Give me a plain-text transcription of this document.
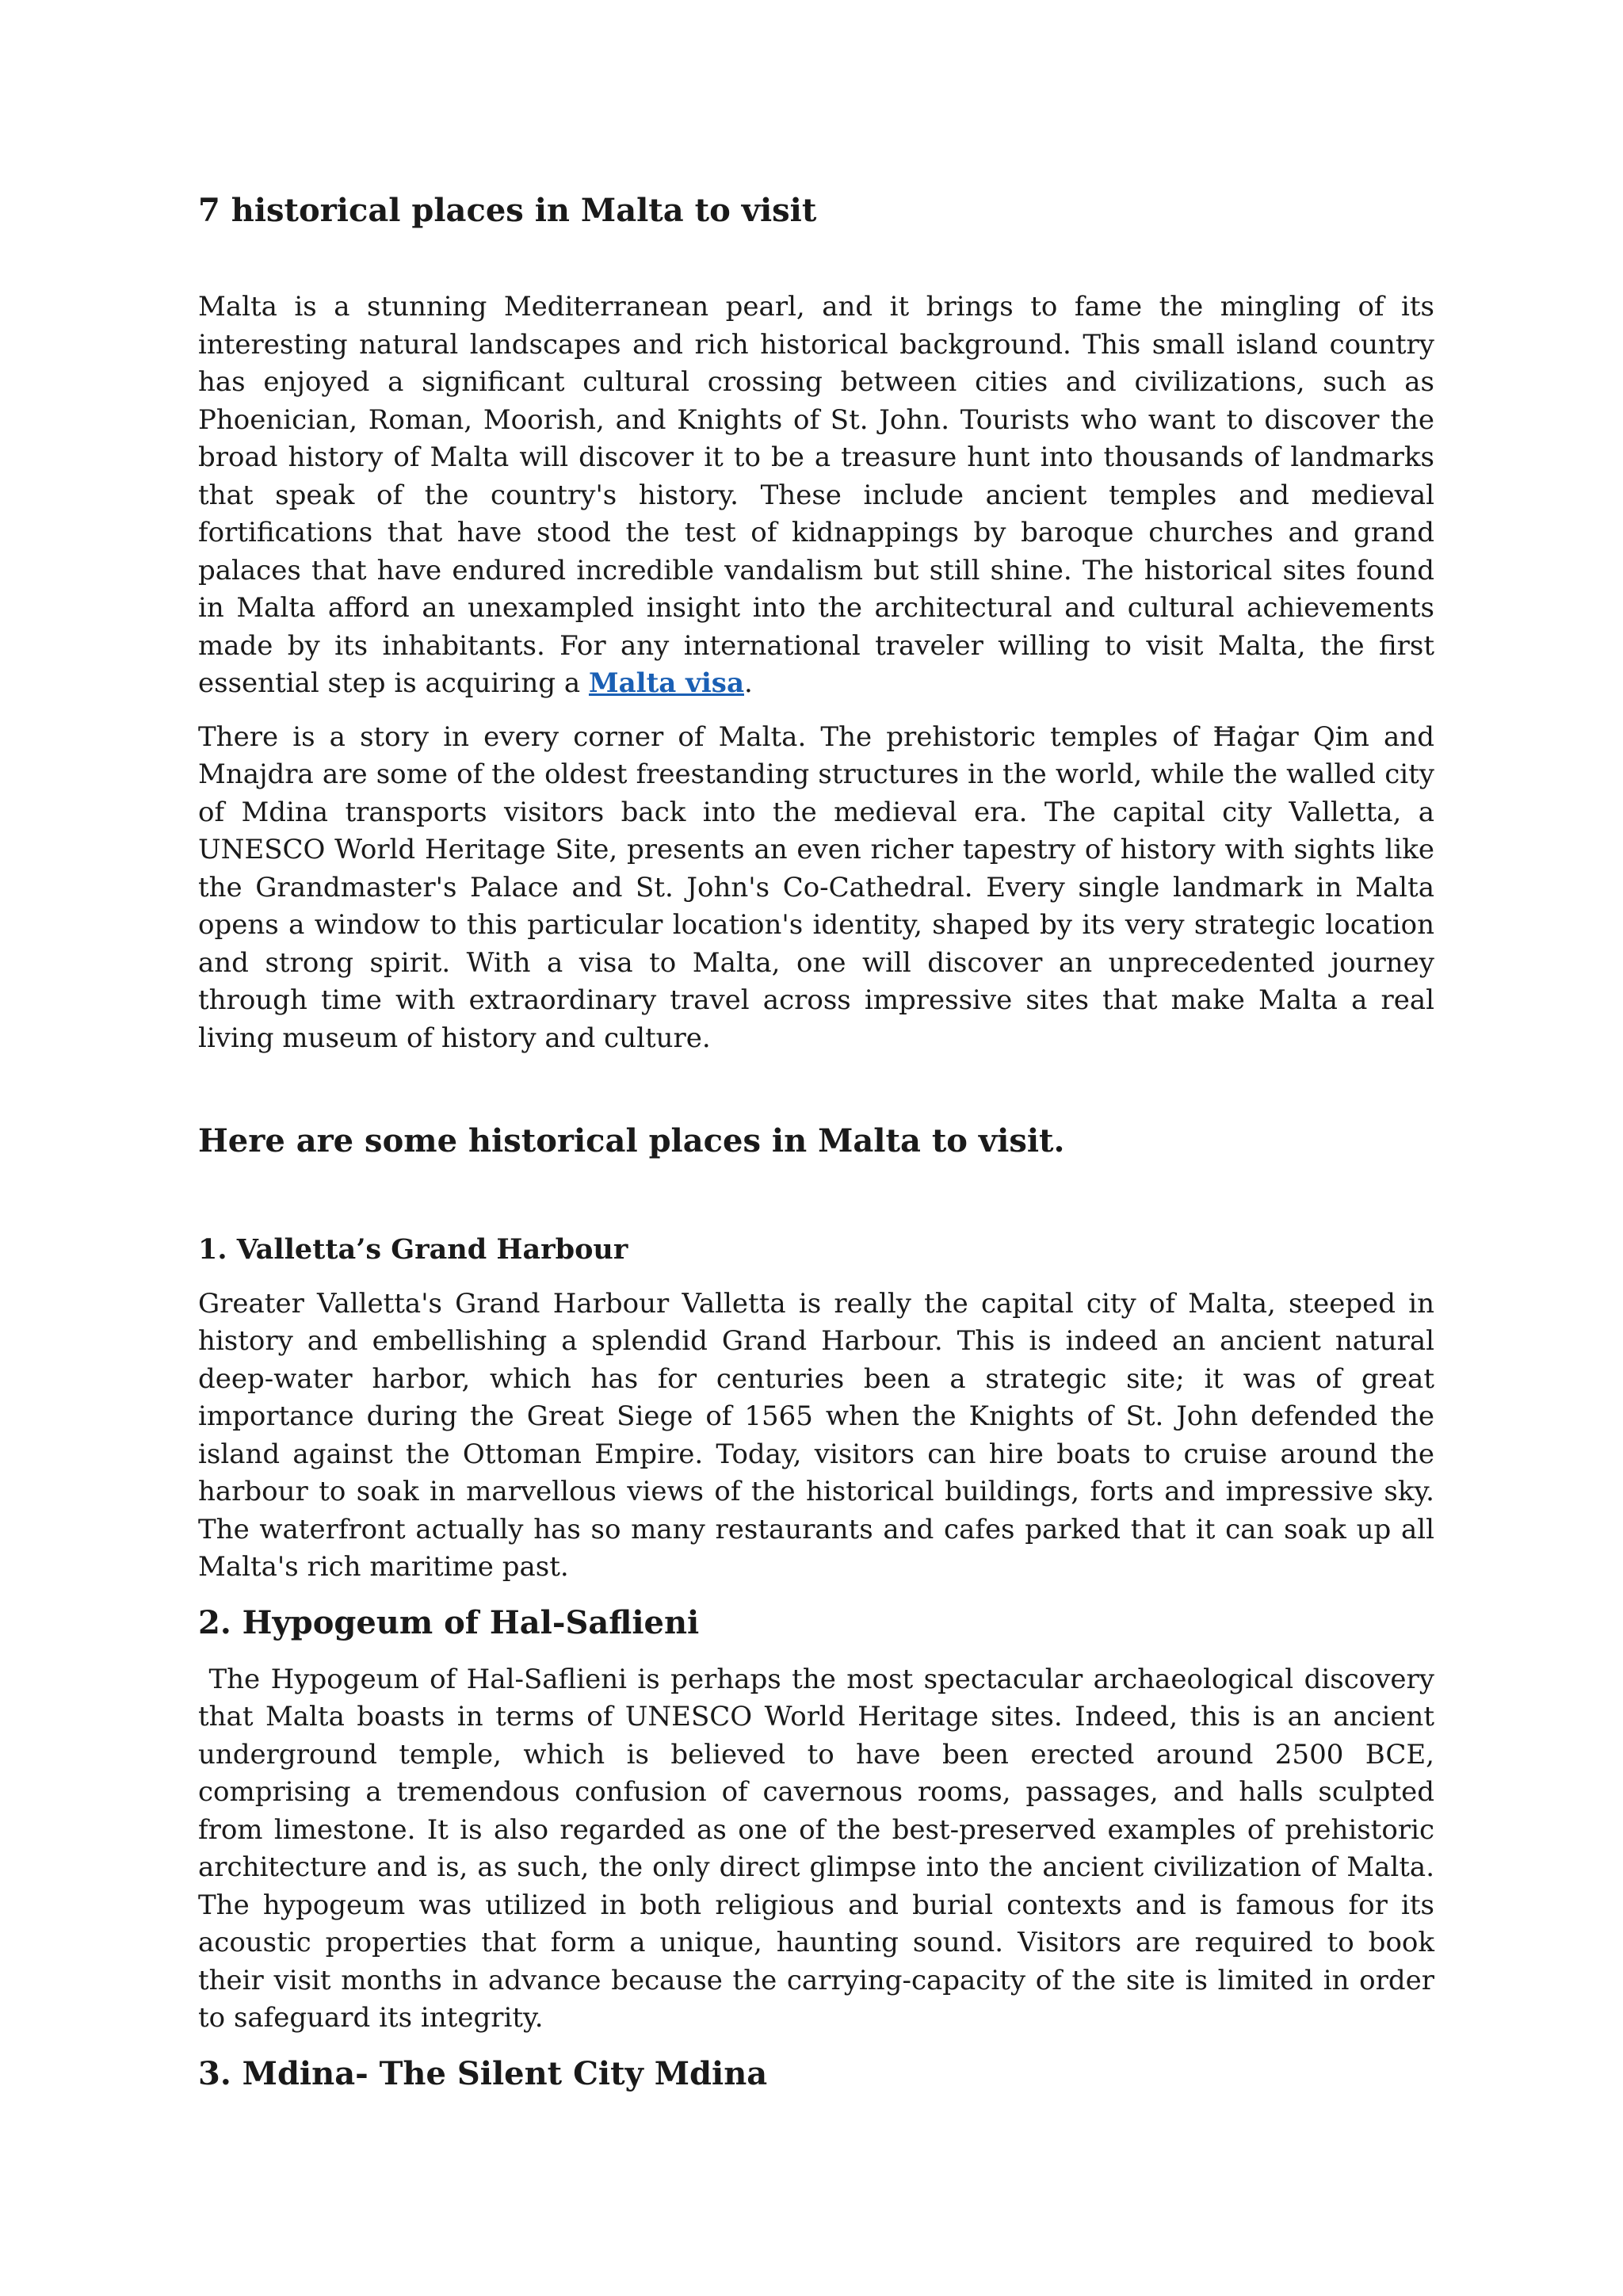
7 historical places in Malta to visit

Malta is a stunning Mediterranean pearl, and it brings to fame the mingling of its interesting natural landscapes and rich historical background. This small island country has enjoyed a significant cultural crossing between cities and civilizations, such as Phoenician, Roman, Moorish, and Knights of St. John. Tourists who want to discover the broad history of Malta will discover it to be a treasure hunt into thousands of landmarks that speak of the country's history. These include ancient temples and medieval fortifications that have stood the test of kidnappings by baroque churches and grand palaces that have endured incredible vandalism but still shine. The historical sites found in Malta afford an unexampled insight into the architectural and cultural achievements made by its inhabitants. For any international traveler willing to visit Malta, the first essential step is acquiring a Malta visa.

There is a story in every corner of Malta. The prehistoric temples of Ħaġar Qim and Mnajdra are some of the oldest freestanding structures in the world, while the walled city of Mdina transports visitors back into the medieval era. The capital city Valletta, a UNESCO World Heritage Site, presents an even richer tapestry of history with sights like the Grandmaster's Palace and St. John's Co-Cathedral. Every single landmark in Malta opens a window to this particular location's identity, shaped by its very strategic location and strong spirit. With a visa to Malta, one will discover an unprecedented journey through time with extraordinary travel across impressive sites that make Malta a real living museum of history and culture.

Here are some historical places in Malta to visit.
1. Valletta’s Grand Harbour

Greater Valletta's Grand Harbour Valletta is really the capital city of Malta, steeped in history and embellishing a splendid Grand Harbour. This is indeed an ancient natural deep-water harbor, which has for centuries been a strategic site; it was of great importance during the Great Siege of 1565 when the Knights of St. John defended the island against the Ottoman Empire. Today, visitors can hire boats to cruise around the harbour to soak in marvellous views of the historical buildings, forts and impressive sky. The waterfront actually has so many restaurants and cafes parked that it can soak up all Malta's rich maritime past.

2. Hypogeum of Hal-Saflieni

The Hypogeum of Hal-Saflieni is perhaps the most spectacular archaeological discovery that Malta boasts in terms of UNESCO World Heritage sites. Indeed, this is an ancient underground temple, which is believed to have been erected around 2500 BCE, comprising a tremendous confusion of cavernous rooms, passages, and halls sculpted from limestone. It is also regarded as one of the best-preserved examples of prehistoric architecture and is, as such, the only direct glimpse into the ancient civilization of Malta. The hypogeum was utilized in both religious and burial contexts and is famous for its acoustic properties that form a unique, haunting sound. Visitors are required to book their visit months in advance because the carrying-capacity of the site is limited in order to safeguard its integrity.

3. Mdina- The Silent City Mdina
